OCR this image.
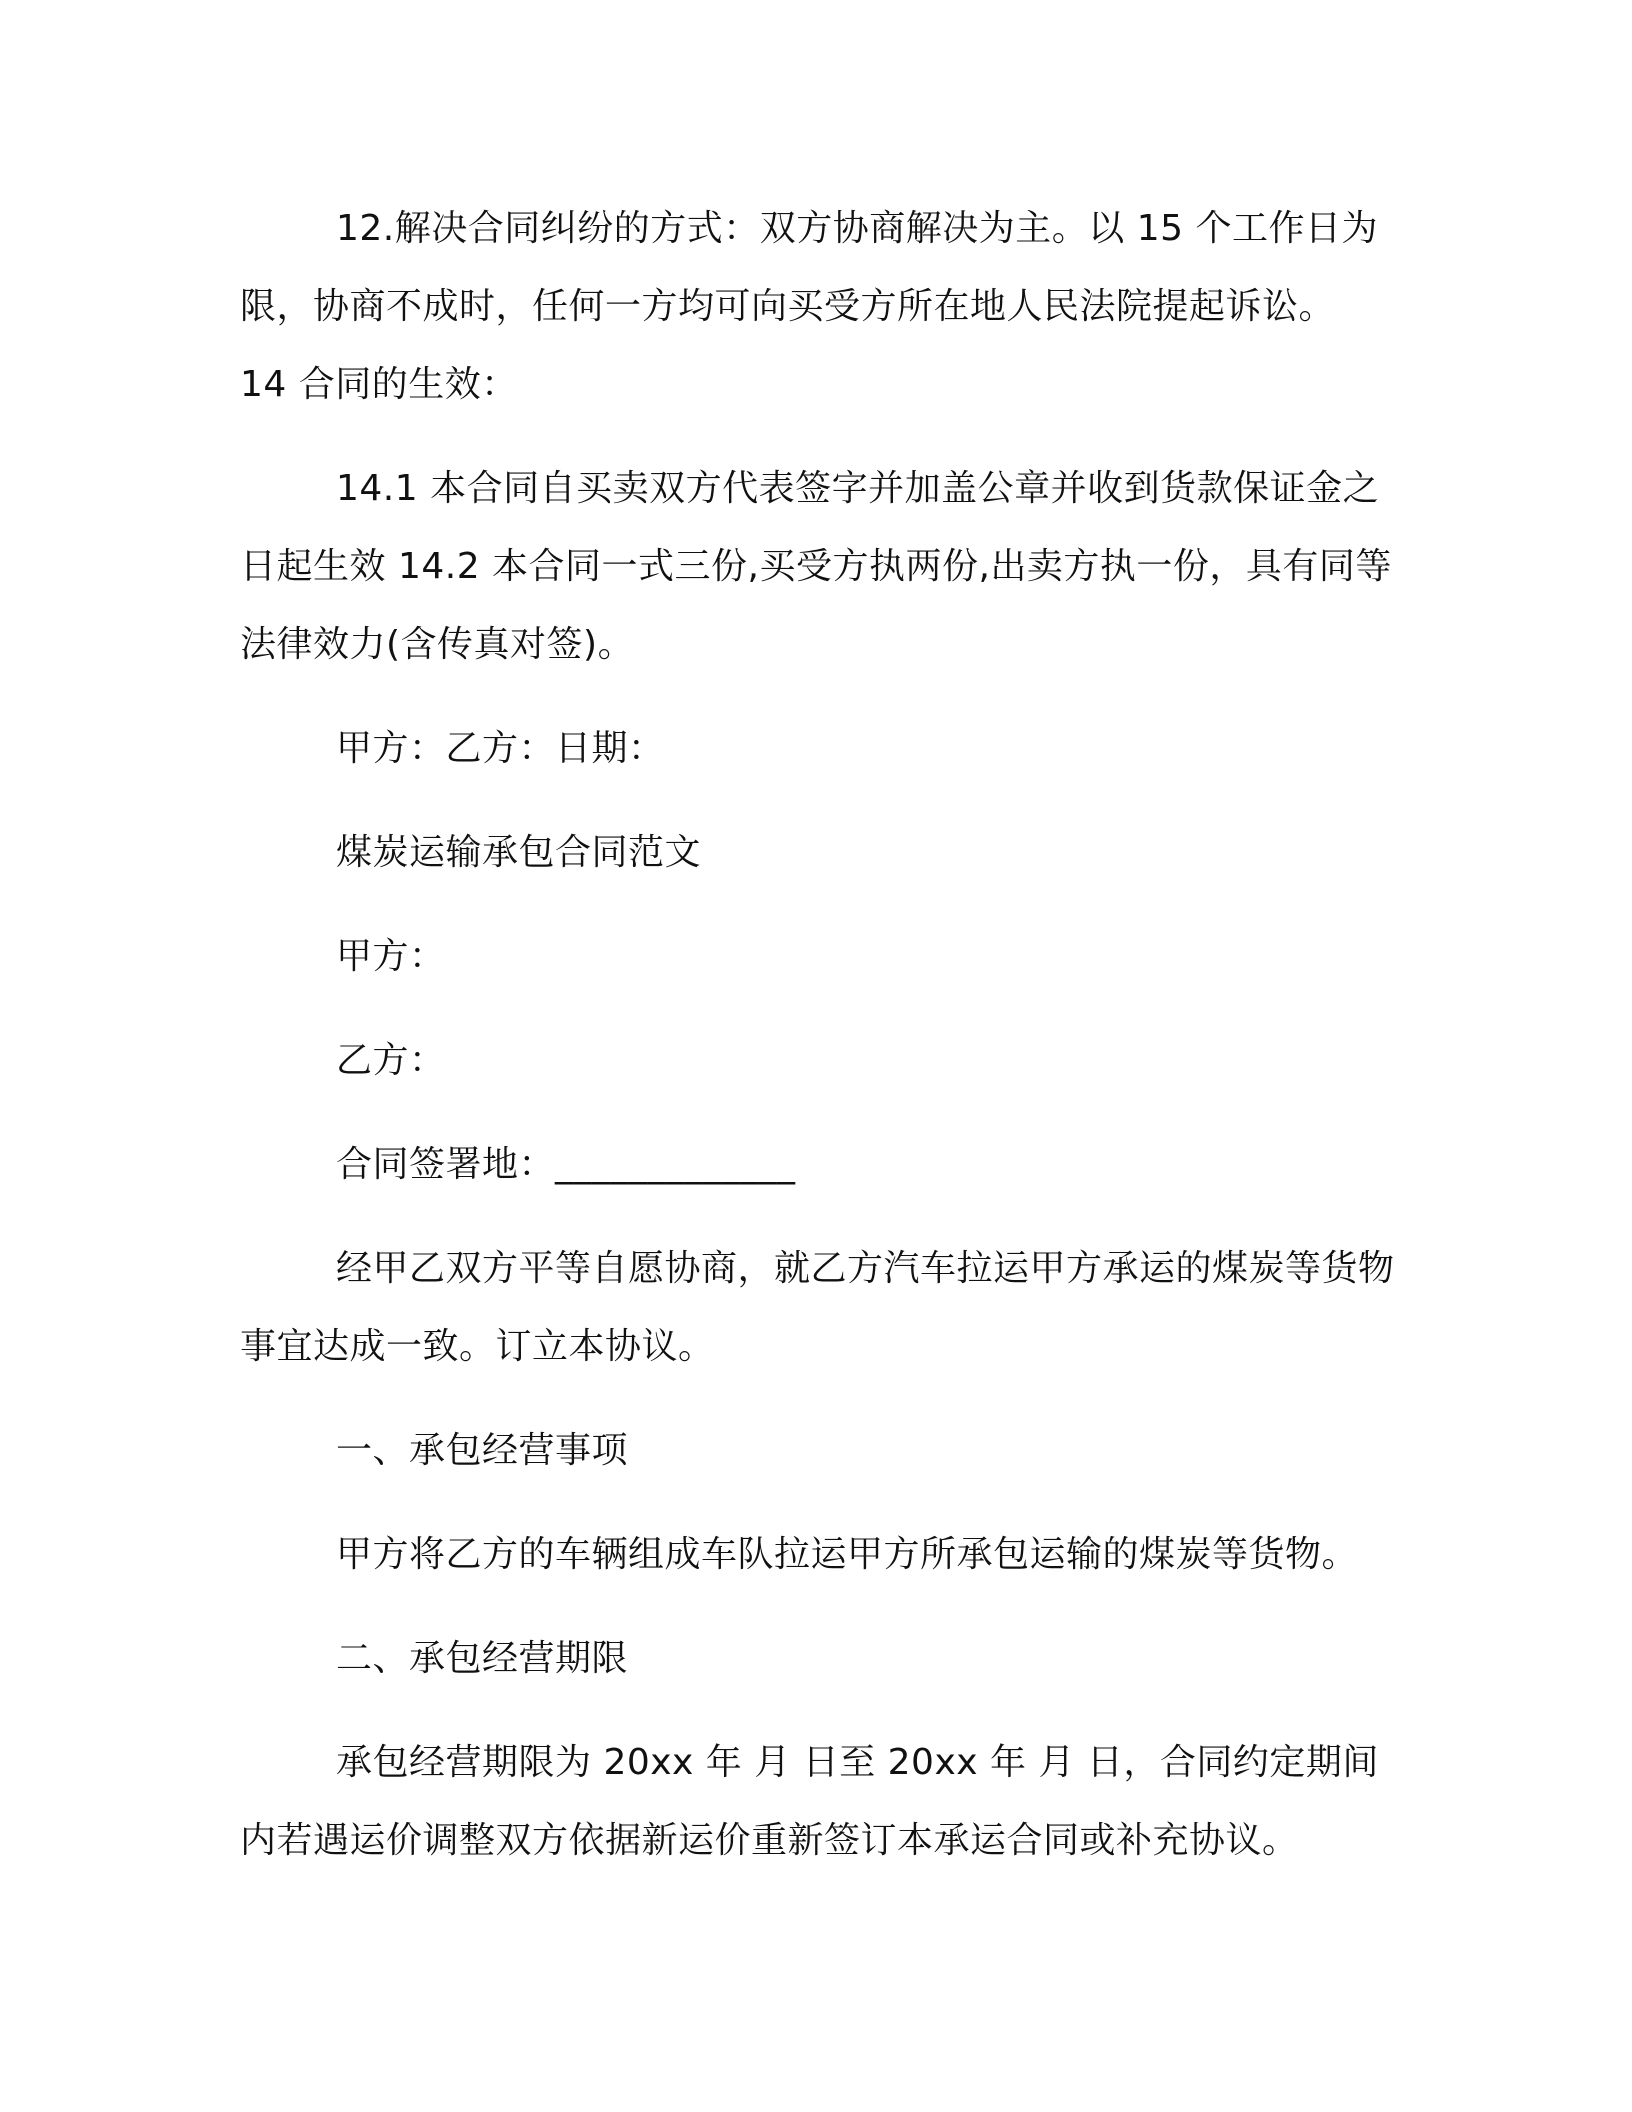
12.解决合同纠纷的方式：双方协商解决为主。以 15 个工作日为限，协商不成时，任何一方均可向买受方所在地人民法院提起诉讼。

14 合同的生效：

14.1 本合同自买卖双方代表签字并加盖公章并收到货款保证金之日起生效 14.2 本合同一式三份,买受方执两份,出卖方执一份，具有同等法律效力(含传真对签)。

甲方：乙方：日期：

煤炭运输承包合同范文

甲方：

乙方：

合同签署地：_____________

经甲乙双方平等自愿协商，就乙方汽车拉运甲方承运的煤炭等货物事宜达成一致。订立本协议。

一、承包经营事项

甲方将乙方的车辆组成车队拉运甲方所承包运输的煤炭等货物。

二、承包经营期限

承包经营期限为 20xx 年 月 日至 20xx 年 月 日，合同约定期间内若遇运价调整双方依据新运价重新签订本承运合同或补充协议。
